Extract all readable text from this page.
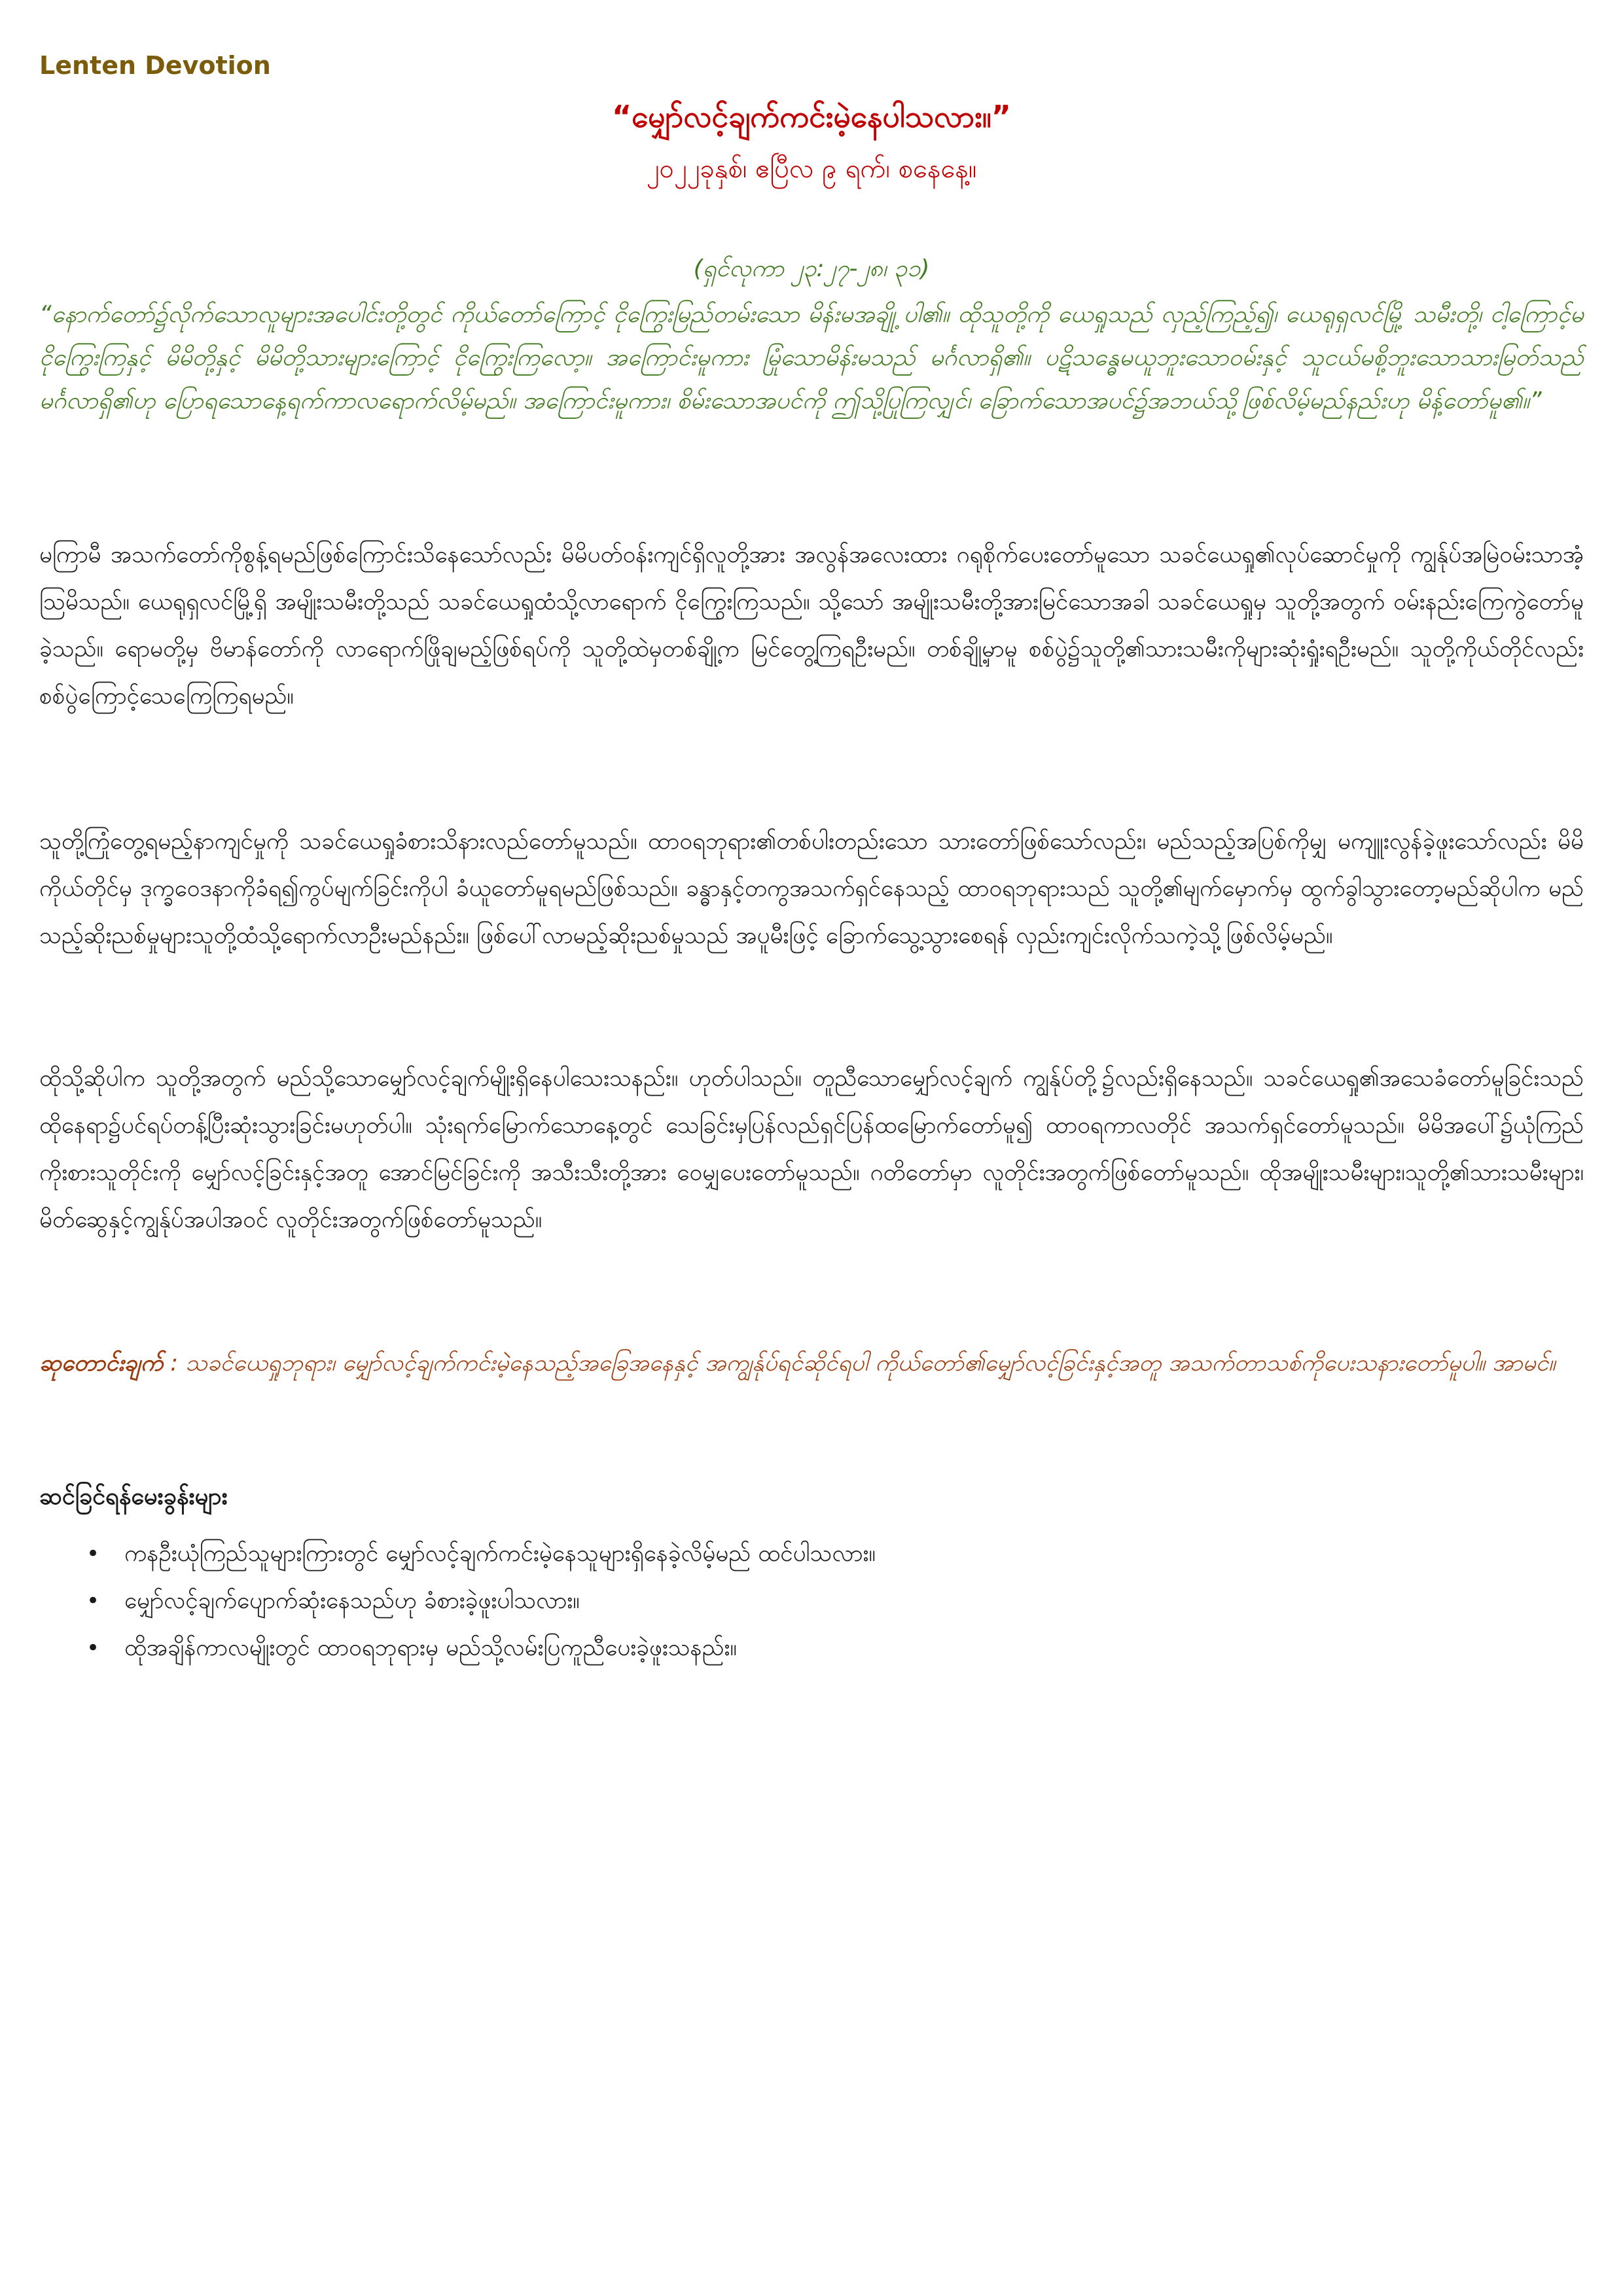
Lenten Devotion
“မျှော်လင့်ချက်ကင်းမဲ့နေပါသလား။”
၂၀၂၂ခုနှစ်၊ ဧပြီလ ၉ ရက်၊ စနေနေ့။
(ရှင်လုကာ ၂၃:၂၇-၂၈၊ ၃၁)
“နောက်တော်၌လိုက်သောလူများအပေါင်းတို့တွင် ကိုယ်တော်ကြောင့် ငိုကြွေးမြည်တမ်းသော မိန်းမအချို့ ပါ၏။ ထိုသူတို့ကို ယေရှုသည် လှည့်ကြည့်၍၊ ယေရုရှလင်မြို့ သမီးတို့၊ ငါ့ကြောင့်မငိုကြွေးကြနှင့် မိမိတို့နှင့် မိမိတို့သားများကြောင့် ငိုကြွေးကြလော့။ အကြောင်းမူကား မြုံသောမိန်းမသည် မင်္ဂလာရှိ၏။ ပဋိသန္ဓေမယူဘူးသောဝမ်းနှင့် သူငယ်မစို့ဘူးသောသားမြတ်သည် မင်္ဂလာရှိ၏ဟု ပြောရသောနေ့ရက်ကာလရောက်လိမ့်မည်။ အကြောင်းမူကား၊ စိမ်းသောအပင်ကို ဤသို့ပြုကြလျှင်၊ ခြောက်သောအပင်၌အဘယ်သို့ဖြစ်လိမ့်မည်နည်းဟု မိန့်တော်မူ၏။”
မကြာမီ အသက်တော်ကိုစွန့်ရမည်ဖြစ်ကြောင်းသိနေသော်လည်း မိမိပတ်ဝန်းကျင်ရှိလူတို့အား အလွန်အလေးထား ဂရုစိုက်ပေးတော်မူသော သခင်ယေရှု၏လုပ်ဆောင်မှုကို ကျွန်ုပ်အမြဲဝမ်းသာအံ့သြမိသည်။ ယေရုရှလင်မြို့ရှိ အမျိုးသမီးတို့သည် သခင်ယေရှုထံသို့လာရောက် ငိုကြွေးကြသည်။ သို့သော် အမျိုးသမီးတို့အားမြင်သောအခါ သခင်ယေရှုမှ သူတို့အတွက် ဝမ်းနည်းကြေကွဲတော်မူခဲ့သည်။ ရောမတို့မှ ဗိမာန်တော်ကို လာရောက်ဖြိုချမည့်ဖြစ်ရပ်ကို သူတို့ထဲမှတစ်ချို့က မြင်တွေ့ကြရဦးမည်။ တစ်ချို့မှာမူ စစ်ပွဲ၌သူတို့၏သားသမီးကိုများဆုံးရှုံးရဦးမည်။ သူတို့ကိုယ်တိုင်လည်း စစ်ပွဲကြောင့်သေကြေကြရမည်။
သူတို့ကြုံတွေ့ရမည့်နာကျင်မှုကို သခင်ယေရှုခံစားသိနားလည်တော်မူသည်။ ထာဝရဘုရား၏တစ်ပါးတည်းသော သားတော်ဖြစ်သော်လည်း၊ မည်သည့်အပြစ်ကိုမျှ မကျူးလွန်ခဲ့ဖူးသော်လည်း မိမိကိုယ်တိုင်မှ ဒုက္ခဝေဒနာကိုခံရ၍ကွပ်မျက်ခြင်းကိုပါ ခံယူတော်မူရမည်ဖြစ်သည်။ ခန္ဓာနှင့်တကွအသက်ရှင်နေသည့် ထာဝရဘုရားသည် သူတို့၏မျက်မှောက်မှ ထွက်ခွါသွားတော့မည်ဆိုပါက မည်သည့်ဆိုးညစ်မှုများသူတို့ထံသို့ရောက်လာဦးမည်နည်း။ ဖြစ်ပေါ်လာမည့်ဆိုးညစ်မှုသည် အပူမီးဖြင့် ခြောက်သွေ့သွားစေရန် လှည်းကျင်းလိုက်သကဲ့သို့ဖြစ်လိမ့်မည်။
ထိုသို့ဆိုပါက သူတို့အတွက် မည်သို့သောမျှော်လင့်ချက်မျိုးရှိနေပါသေးသနည်း။ ဟုတ်ပါသည်။ တူညီသောမျှော်လင့်ချက် ကျွန်ုပ်တို့၌လည်းရှိနေသည်။ သခင်ယေရှု၏အသေခံတော်မူခြင်းသည် ထိုနေရာ၌ပင်ရပ်တန့်ပြီးဆုံးသွားခြင်းမဟုတ်ပါ။ သုံးရက်မြောက်သောနေ့တွင် သေခြင်းမှပြန်လည်ရှင်ပြန်ထမြောက်တော်မူ၍ ထာဝရကာလတိုင် အသက်ရှင်တော်မူသည်။ မိမိအပေါ်၌ယုံကြည်ကိုးစားသူတိုင်းကို မျှော်လင့်ခြင်းနှင့်အတူ အောင်မြင်ခြင်းကို အသီးသီးတို့အား ဝေမျှပေးတော်မူသည်။ ဂတိတော်မှာ လူတိုင်းအတွက်ဖြစ်တော်မူသည်။ ထိုအမျိုးသမီးများ၊သူတို့၏သားသမီးများ၊ မိတ်ဆွေနှင့်ကျွန်ုပ်အပါအဝင် လူတိုင်းအတွက်ဖြစ်တော်မူသည်။
ဆုတောင်းချက် : သခင်ယေရှုဘုရား၊ မျှော်လင့်ချက်ကင်းမဲ့နေသည့်အခြေအနေနှင့် အကျွန်ုပ်ရင်ဆိုင်ရပါ ကိုယ်တော်၏မျှော်လင့်ခြင်းနှင့်အတူ အသက်တာသစ်ကိုပေးသနားတော်မူပါ။ အာမင်။
ဆင်ခြင်ရန်မေးခွန်းများ
• ကနဦးယုံကြည်သူများကြားတွင် မျှော်လင့်ချက်ကင်းမဲ့နေသူများရှိနေခဲ့လိမ့်မည် ထင်ပါသလား။
• မျှော်လင့်ချက်ပျောက်ဆုံးနေသည်ဟု ခံစားခဲ့ဖူးပါသလား။
• ထိုအချိန်ကာလမျိုးတွင် ထာဝရဘုရားမှ မည်သို့လမ်းပြကူညီပေးခဲ့ဖူးသနည်း။
